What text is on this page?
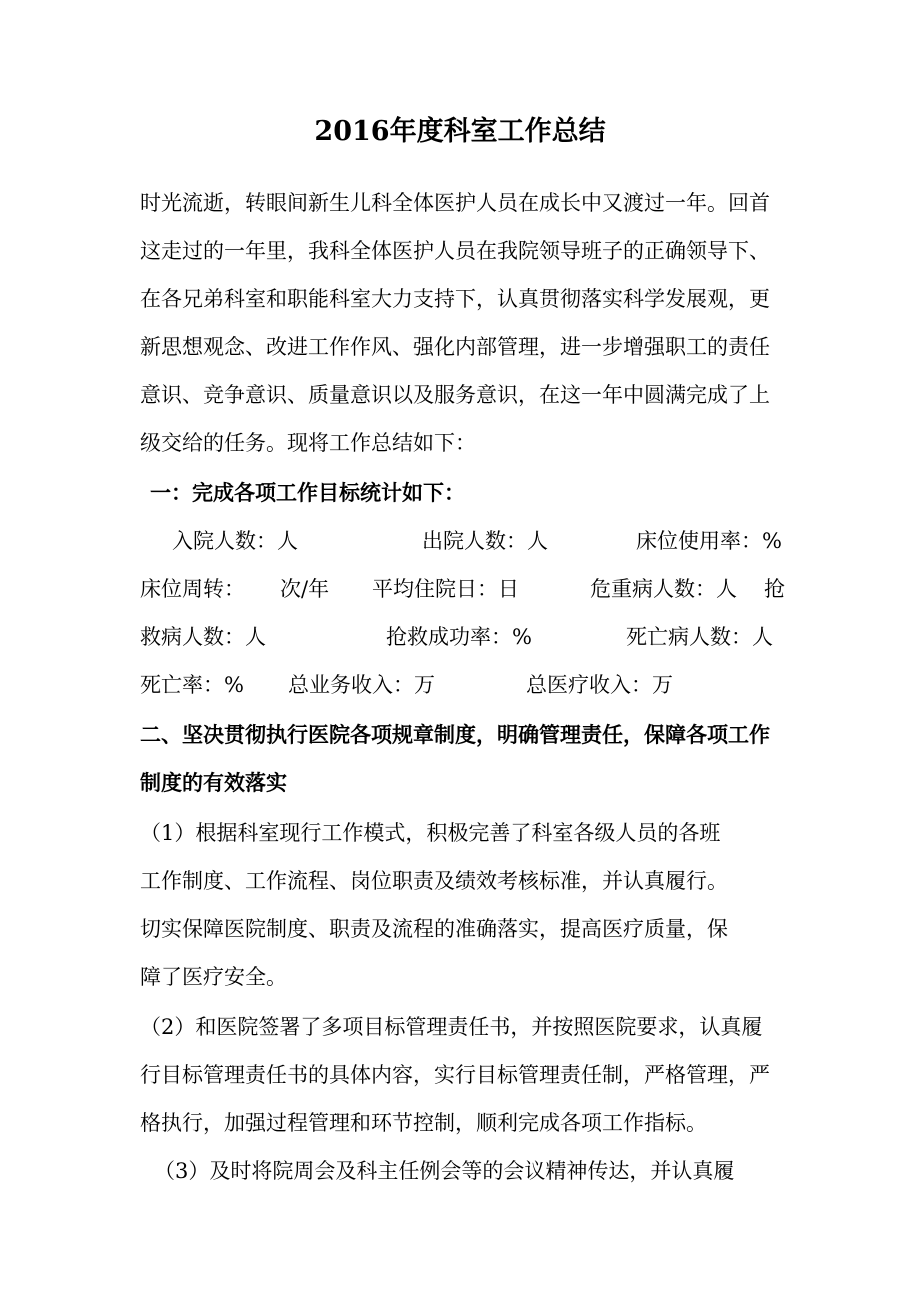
2016年度科室工作总结
时光流逝，转眼间新生儿科全体医护人员在成长中又渡过一年。回首
这走过的一年里，我科全体医护人员在我院领导班子的正确领导下、
在各兄弟科室和职能科室大力支持下，认真贯彻落实科学发展观，更
新思想观念、改进工作作风、强化内部管理，进一步增强职工的责任
意识、竞争意识、质量意识以及服务意识，在这一年中圆满完成了上
级交给的任务。现将工作总结如下：
一：完成各项工作目标统计如下：
入院人数：人	出院人数：人	床位使用率：%
床位周转： 次/年 平均住院日：日	危重病人数：人 抢
救病人数：人	抢救成功率：%	死亡病人数：人
死亡率：% 总业务收入：万	总医疗收入：万
二、坚决贯彻执行医院各项规章制度，明确管理责任，保障各项工作
制度的有效落实
（1）根据科室现行工作模式，积极完善了科室各级人员的各班
工作制度、工作流程、岗位职责及绩效考核标准，并认真履行。
切实保障医院制度、职责及流程的准确落实，提高医疗质量，保
障了医疗安全。
（2）和医院签署了多项目标管理责任书，并按照医院要求，认真履
行目标管理责任书的具体内容，实行目标管理责任制，严格管理，严
格执行，加强过程管理和环节控制，顺利完成各项工作指标。
（3）及时将院周会及科主任例会等的会议精神传达，并认真履
